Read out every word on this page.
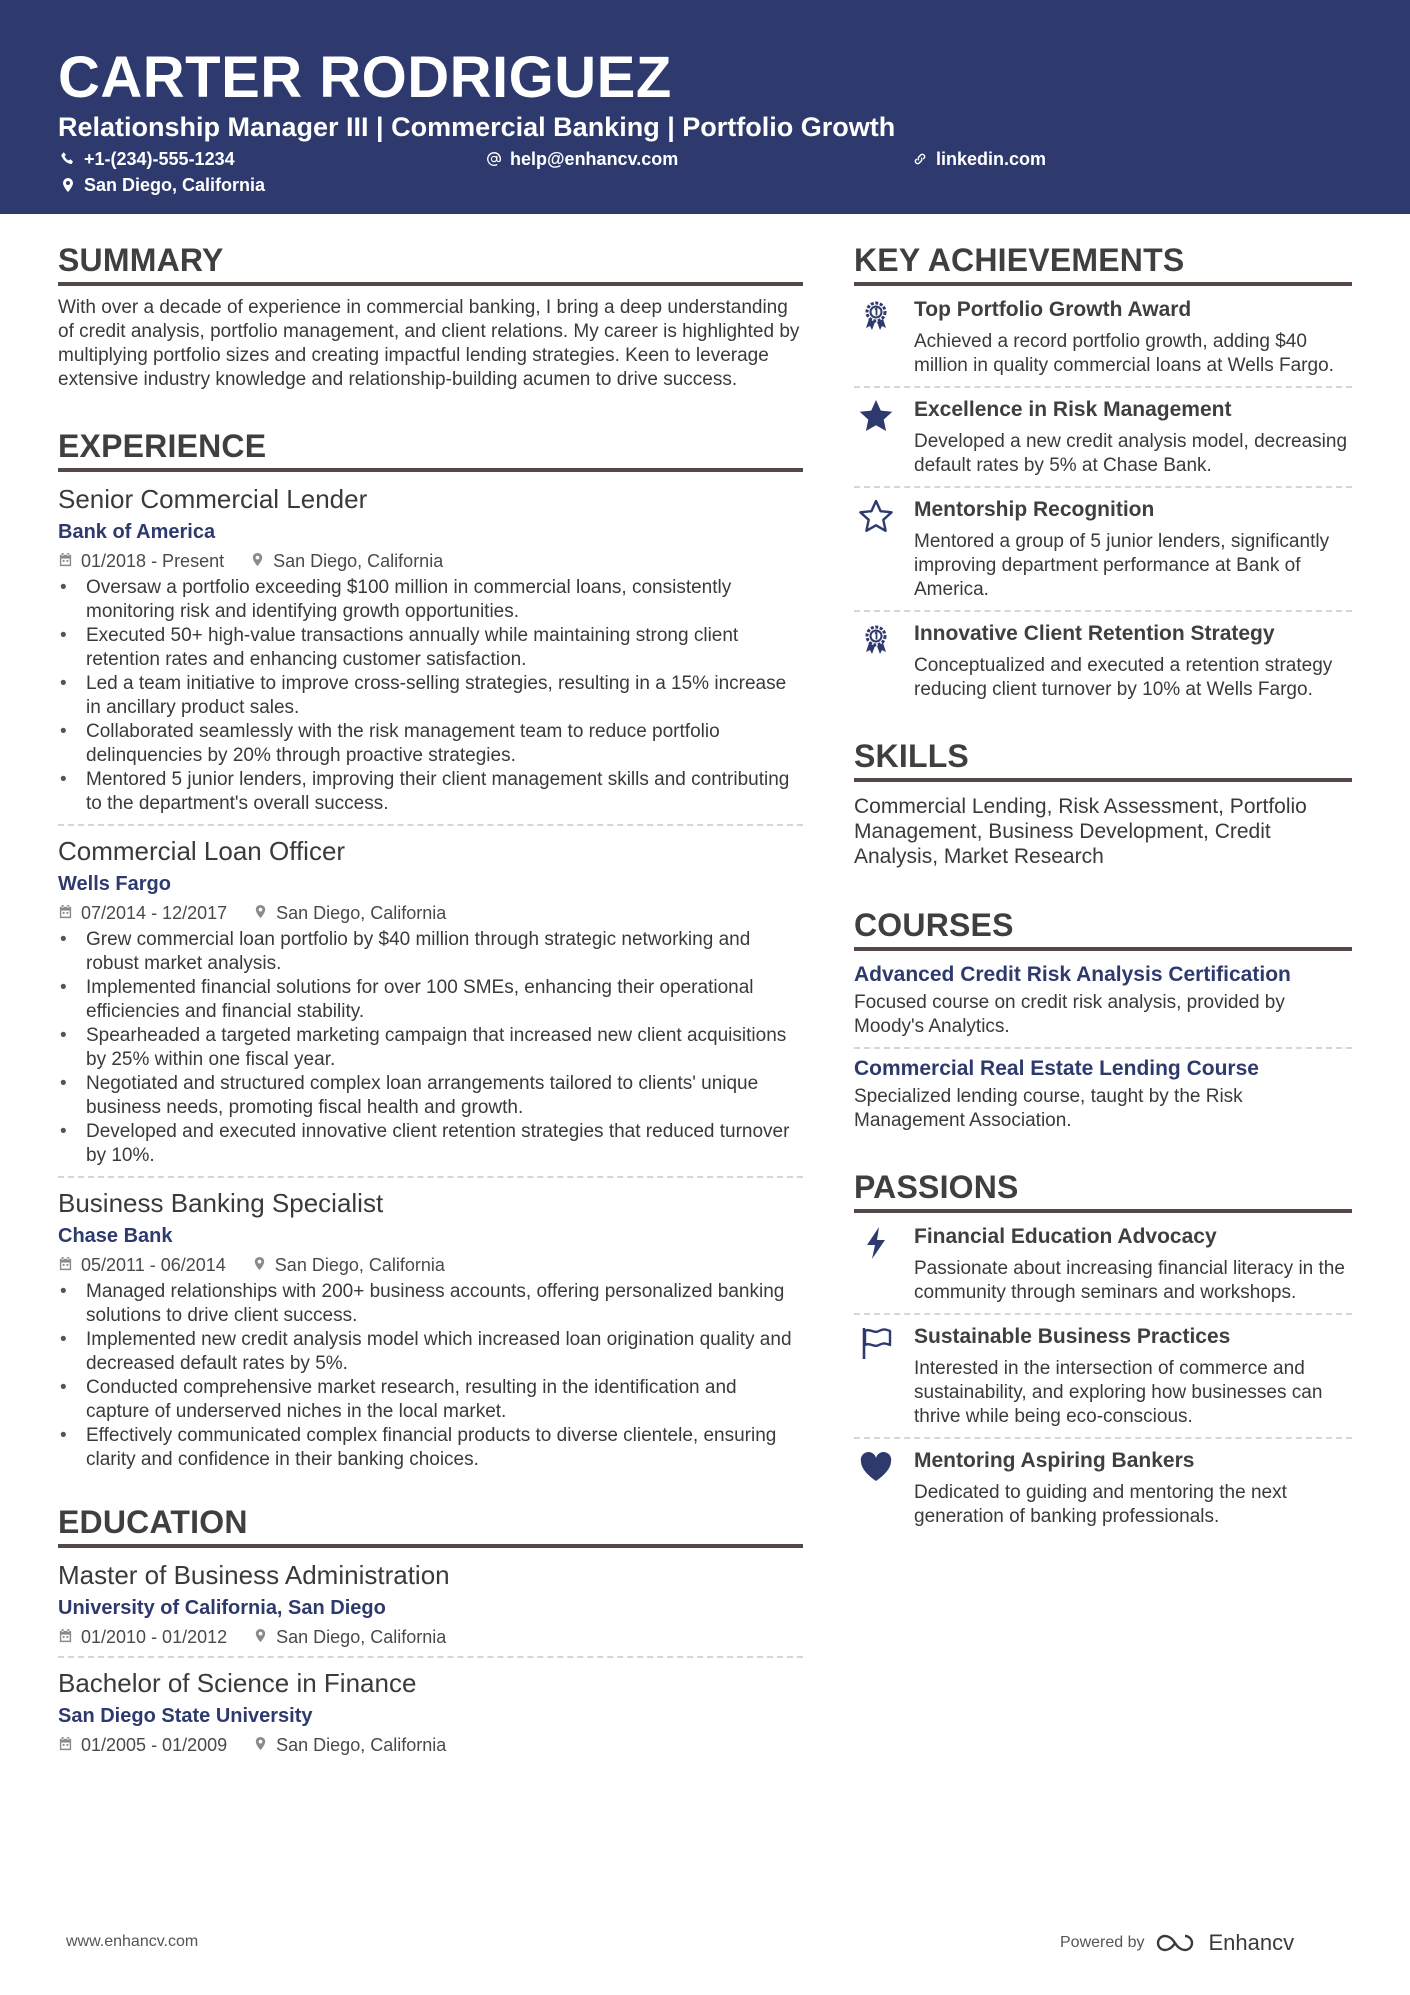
CARTER RODRIGUEZ
Relationship Manager III | Commercial Banking | Portfolio Growth
+1-(234)-555-1234	help@enhancv.com	linkedin.com
San Diego, California
SUMMARY
With over a decade of experience in commercial banking, I bring a deep understanding of credit analysis, portfolio management, and client relations. My career is highlighted by multiplying portfolio sizes and creating impactful lending strategies. Keen to leverage extensive industry knowledge and relationship-building acumen to drive success.
EXPERIENCE
Senior Commercial Lender
Bank of America
01/2018 - Present	San Diego, California
• Oversaw a portfolio exceeding $100 million in commercial loans, consistently monitoring risk and identifying growth opportunities.
• Executed 50+ high-value transactions annually while maintaining strong client retention rates and enhancing customer satisfaction.
• Led a team initiative to improve cross-selling strategies, resulting in a 15% increase in ancillary product sales.
• Collaborated seamlessly with the risk management team to reduce portfolio delinquencies by 20% through proactive strategies.
• Mentored 5 junior lenders, improving their client management skills and contributing to the department's overall success.
Commercial Loan Officer
Wells Fargo
07/2014 - 12/2017	San Diego, California
• Grew commercial loan portfolio by $40 million through strategic networking and robust market analysis.
• Implemented financial solutions for over 100 SMEs, enhancing their operational efficiencies and financial stability.
• Spearheaded a targeted marketing campaign that increased new client acquisitions by 25% within one fiscal year.
• Negotiated and structured complex loan arrangements tailored to clients' unique business needs, promoting fiscal health and growth.
• Developed and executed innovative client retention strategies that reduced turnover by 10%.
Business Banking Specialist
Chase Bank
05/2011 - 06/2014	San Diego, California
• Managed relationships with 200+ business accounts, offering personalized banking solutions to drive client success.
• Implemented new credit analysis model which increased loan origination quality and decreased default rates by 5%.
• Conducted comprehensive market research, resulting in the identification and capture of underserved niches in the local market.
• Effectively communicated complex financial products to diverse clientele, ensuring clarity and confidence in their banking choices.
EDUCATION
Master of Business Administration
University of California, San Diego
01/2010 - 01/2012	San Diego, California
Bachelor of Science in Finance
San Diego State University
01/2005 - 01/2009	San Diego, California
KEY ACHIEVEMENTS
Top Portfolio Growth Award
Achieved a record portfolio growth, adding $40 million in quality commercial loans at Wells Fargo.
Excellence in Risk Management
Developed a new credit analysis model, decreasing default rates by 5% at Chase Bank.
Mentorship Recognition
Mentored a group of 5 junior lenders, significantly improving department performance at Bank of America.
Innovative Client Retention Strategy
Conceptualized and executed a retention strategy reducing client turnover by 10% at Wells Fargo.
SKILLS
Commercial Lending, Risk Assessment, Portfolio Management, Business Development, Credit Analysis, Market Research
COURSES
Advanced Credit Risk Analysis Certification
Focused course on credit risk analysis, provided by Moody's Analytics.
Commercial Real Estate Lending Course
Specialized lending course, taught by the Risk Management Association.
PASSIONS
Financial Education Advocacy
Passionate about increasing financial literacy in the community through seminars and workshops.
Sustainable Business Practices
Interested in the intersection of commerce and sustainability, and exploring how businesses can thrive while being eco-conscious.
Mentoring Aspiring Bankers
Dedicated to guiding and mentoring the next generation of banking professionals.
www.enhancv.com	Powered by	Enhancv
